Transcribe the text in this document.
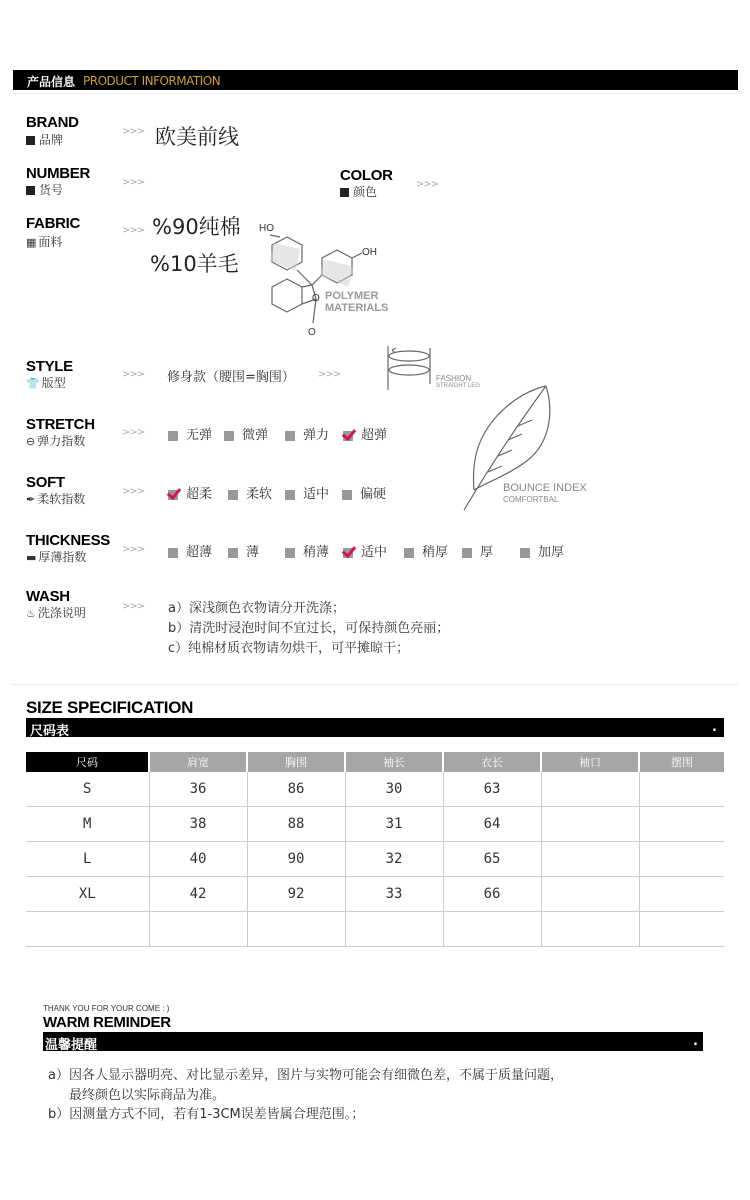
产品信息 PRODUCT INFORMATION
BRAND
品牌
>>> 欧美前线
NUMBER
货号
>>>	COLOR
颜色
>>>
FABRIC
▦ 面料
>>> %90纯棉
%10羊毛
HO
OH
O
O
POLYMER
MATERIALS
STYLE
👕 版型
>>> 修身款（腰围=胸围） >>>	FASHION
STRAIGHT LEG
STRETCH
⊖ 弹力指数
>>>	无弹	微弹	弹力	超弹
BOUNCE INDEX
COMFORTBAL
SOFT
✒ 柔软指数
>>>	超柔	柔软	适中	偏硬
THICKNESS
▬ 厚薄指数
>>>	超薄	薄	稍薄	适中	稍厚	厚	加厚
WASH
♨ 洗涤说明	>>> a）深浅颜色衣物请分开洗涤；
b）清洗时浸泡时间不宜过长，可保持颜色亮丽；
c）纯棉材质衣物请勿烘干，可平摊晾干；
SIZE SPECIFICATION
尺码表	.
尺码	肩宽	胸围	袖长	衣长	袖口	摆围
S	36	86	30	63		
M	38	88	31	64		
L	40	90	32	65		
XL	42	92	33	66		

THANK YOU FOR YOUR COME : )
WARM REMINDER
温馨提醒	.
a）因各人显示器明亮、对比显示差异，图片与实物可能会有细微色差，不属于质量问题，
最终颜色以实际商品为准。
b）因测量方式不同，若有1-3CM误差皆属合理范围。；
